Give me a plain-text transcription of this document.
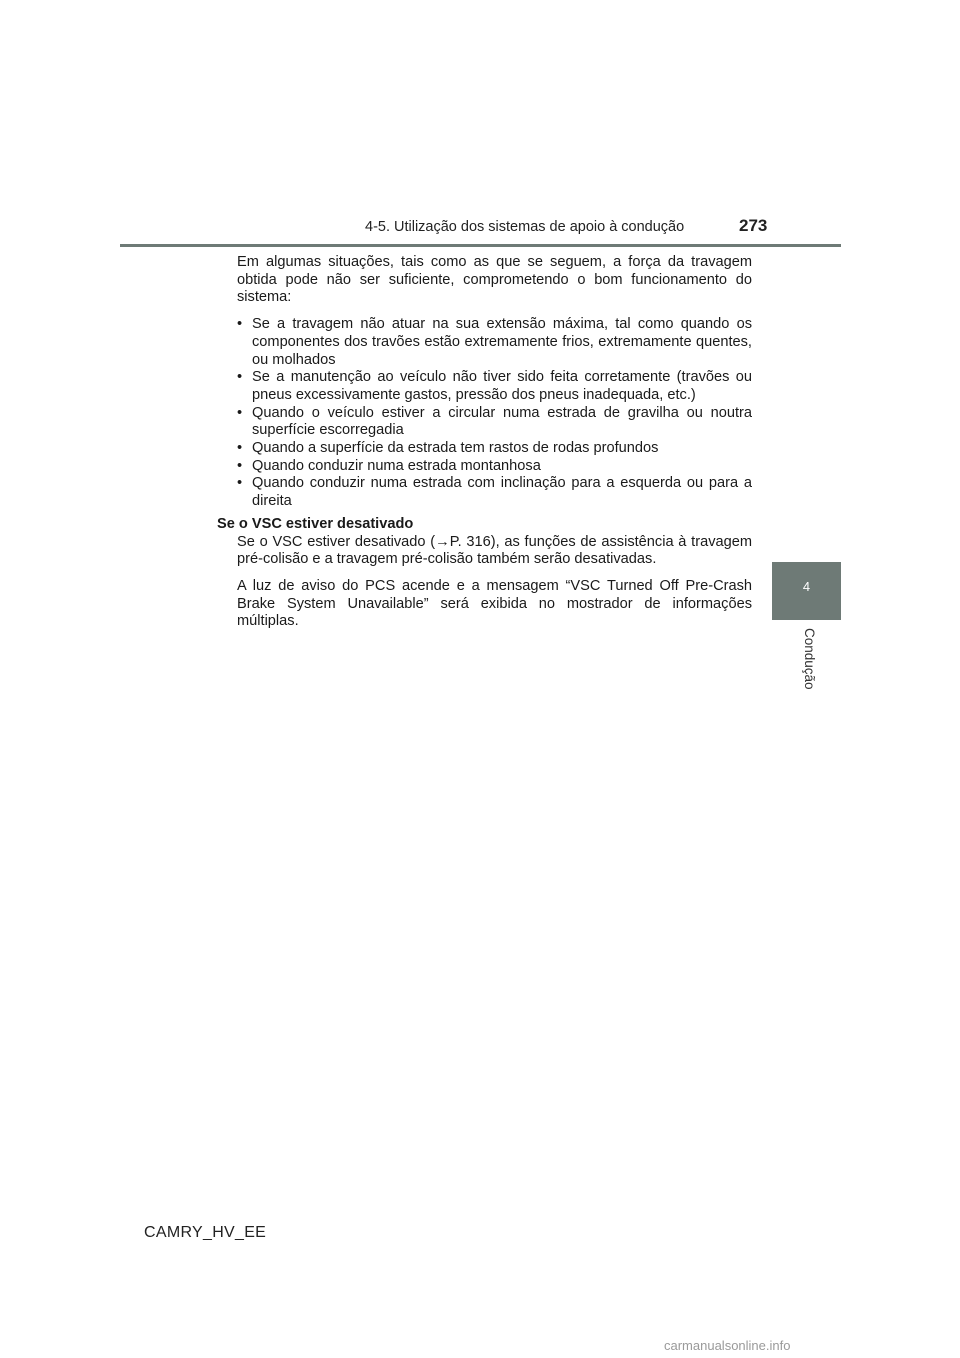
4-5. Utilização dos sistemas de apoio à condução	273
4
Condução

Em algumas situações, tais como as que se seguem, a força da travagem obtida pode não ser suficiente, comprometendo o bom funcionamento do sistema:

• Se a travagem não atuar na sua extensão máxima, tal como quando os componentes dos travões estão extremamente frios, extremamente quentes, ou molhados
• Se a manutenção ao veículo não tiver sido feita corretamente (travões ou pneus excessivamente gastos, pressão dos pneus inadequada, etc.)
• Quando o veículo estiver a circular numa estrada de gravilha ou noutra superfície escorregadia
• Quando a superfície da estrada tem rastos de rodas profundos
• Quando conduzir numa estrada montanhosa
• Quando conduzir numa estrada com inclinação para a esquerda ou para a direita

Se o VSC estiver desativado

Se o VSC estiver desativado (→P. 316), as funções de assistência à travagem pré-colisão e a travagem pré-colisão também serão desativadas.

A luz de aviso do PCS acende e a mensagem “VSC Turned Off Pre-Crash Brake System Unavailable” será exibida no mostrador de informações múltiplas.

CAMRY_HV_EE
carmanualsonline.info
